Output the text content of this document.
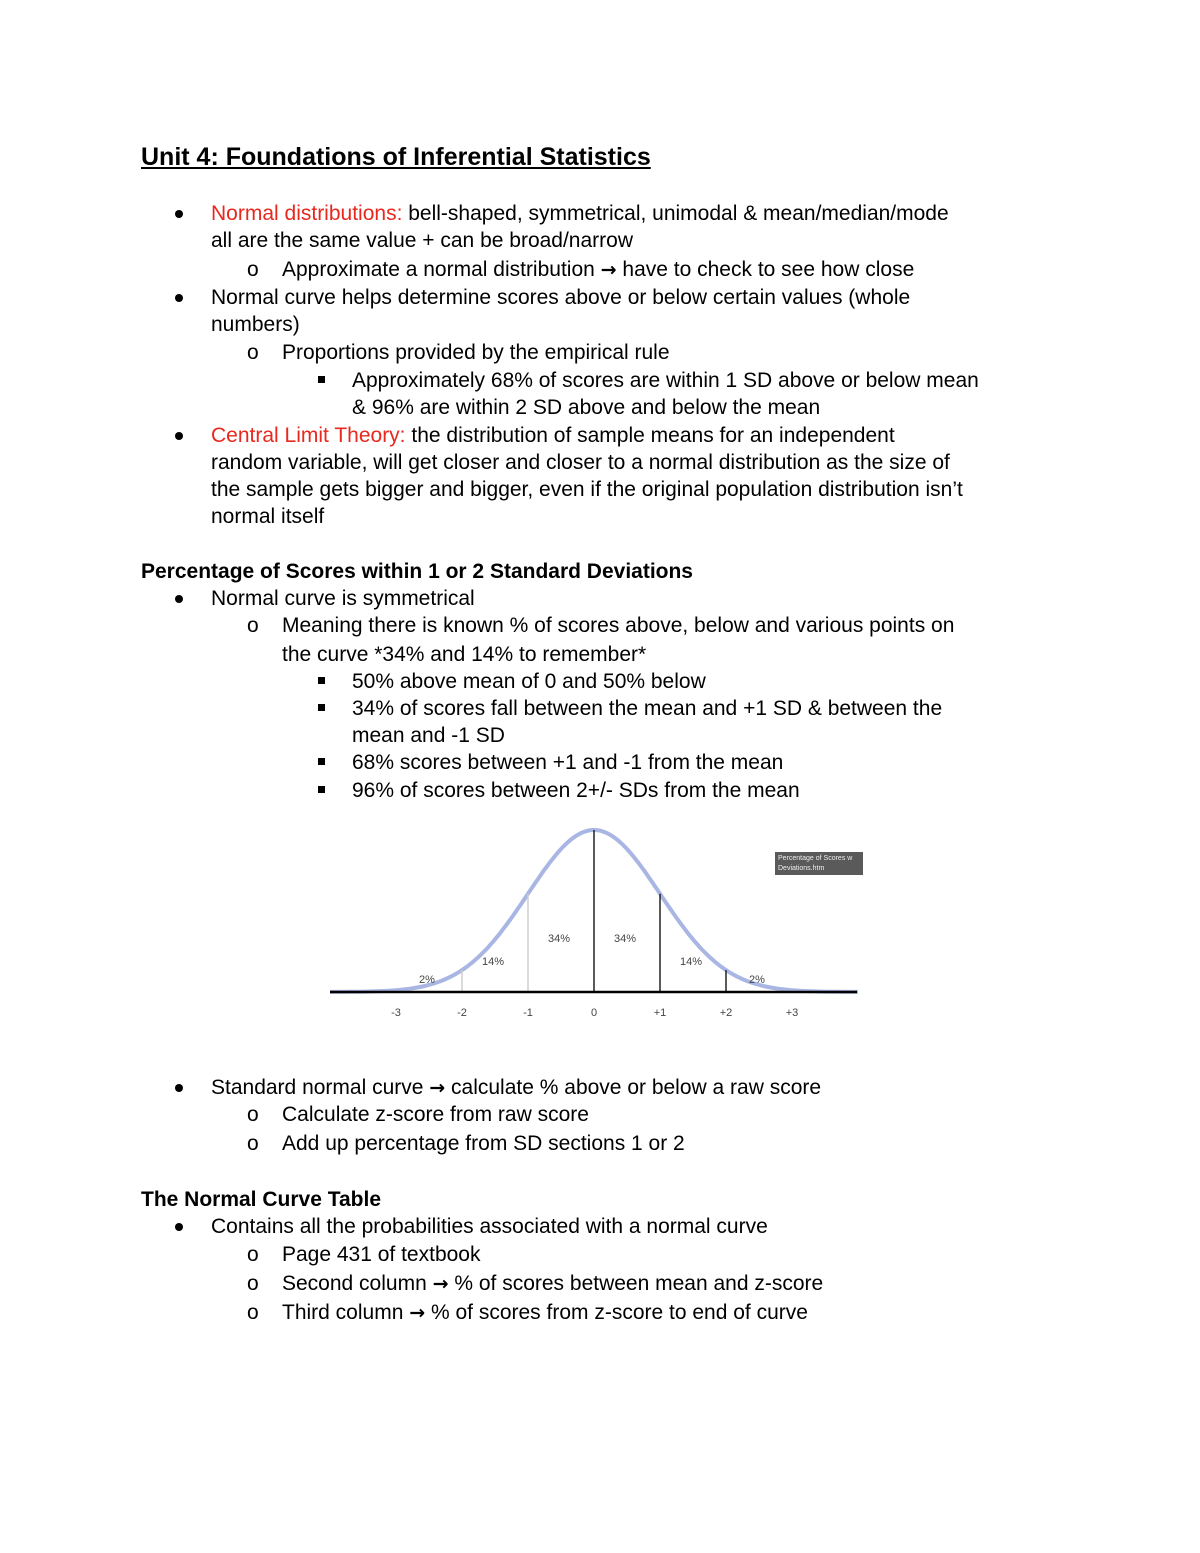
Unit 4: Foundations of Inferential Statistics
Normal distributions: bell-shaped, symmetrical, unimodal & mean/median/mode
all are the same value + can be broad/narrow
o Approximate a normal distribution → have to check to see how close
Normal curve helps determine scores above or below certain values (whole
numbers)
o Proportions provided by the empirical rule
Approximately 68% of scores are within 1 SD above or below mean
& 96% are within 2 SD above and below the mean
Central Limit Theory: the distribution of sample means for an independent
random variable, will get closer and closer to a normal distribution as the size of
the sample gets bigger and bigger, even if the original population distribution isn’t
normal itself
Percentage of Scores within 1 or 2 Standard Deviations
Normal curve is symmetrical
o Meaning there is known % of scores above, below and various points on
the curve *34% and 14% to remember*
50% above mean of 0 and 50% below
34% of scores fall between the mean and +1 SD & between the
mean and -1 SD
68% scores between +1 and -1 from the mean
96% of scores between 2+/- SDs from the mean
-3	-2	-1	0	+1	+2	+3
2%
14%
34%	34%
14%
2%
Percentage of Scores w
Deviations.htm
Standard normal curve → calculate % above or below a raw score
o Calculate z-score from raw score
o Add up percentage from SD sections 1 or 2
The Normal Curve Table
Contains all the probabilities associated with a normal curve
o Page 431 of textbook
o Second column → % of scores between mean and z-score
o Third column → % of scores from z-score to end of curve
